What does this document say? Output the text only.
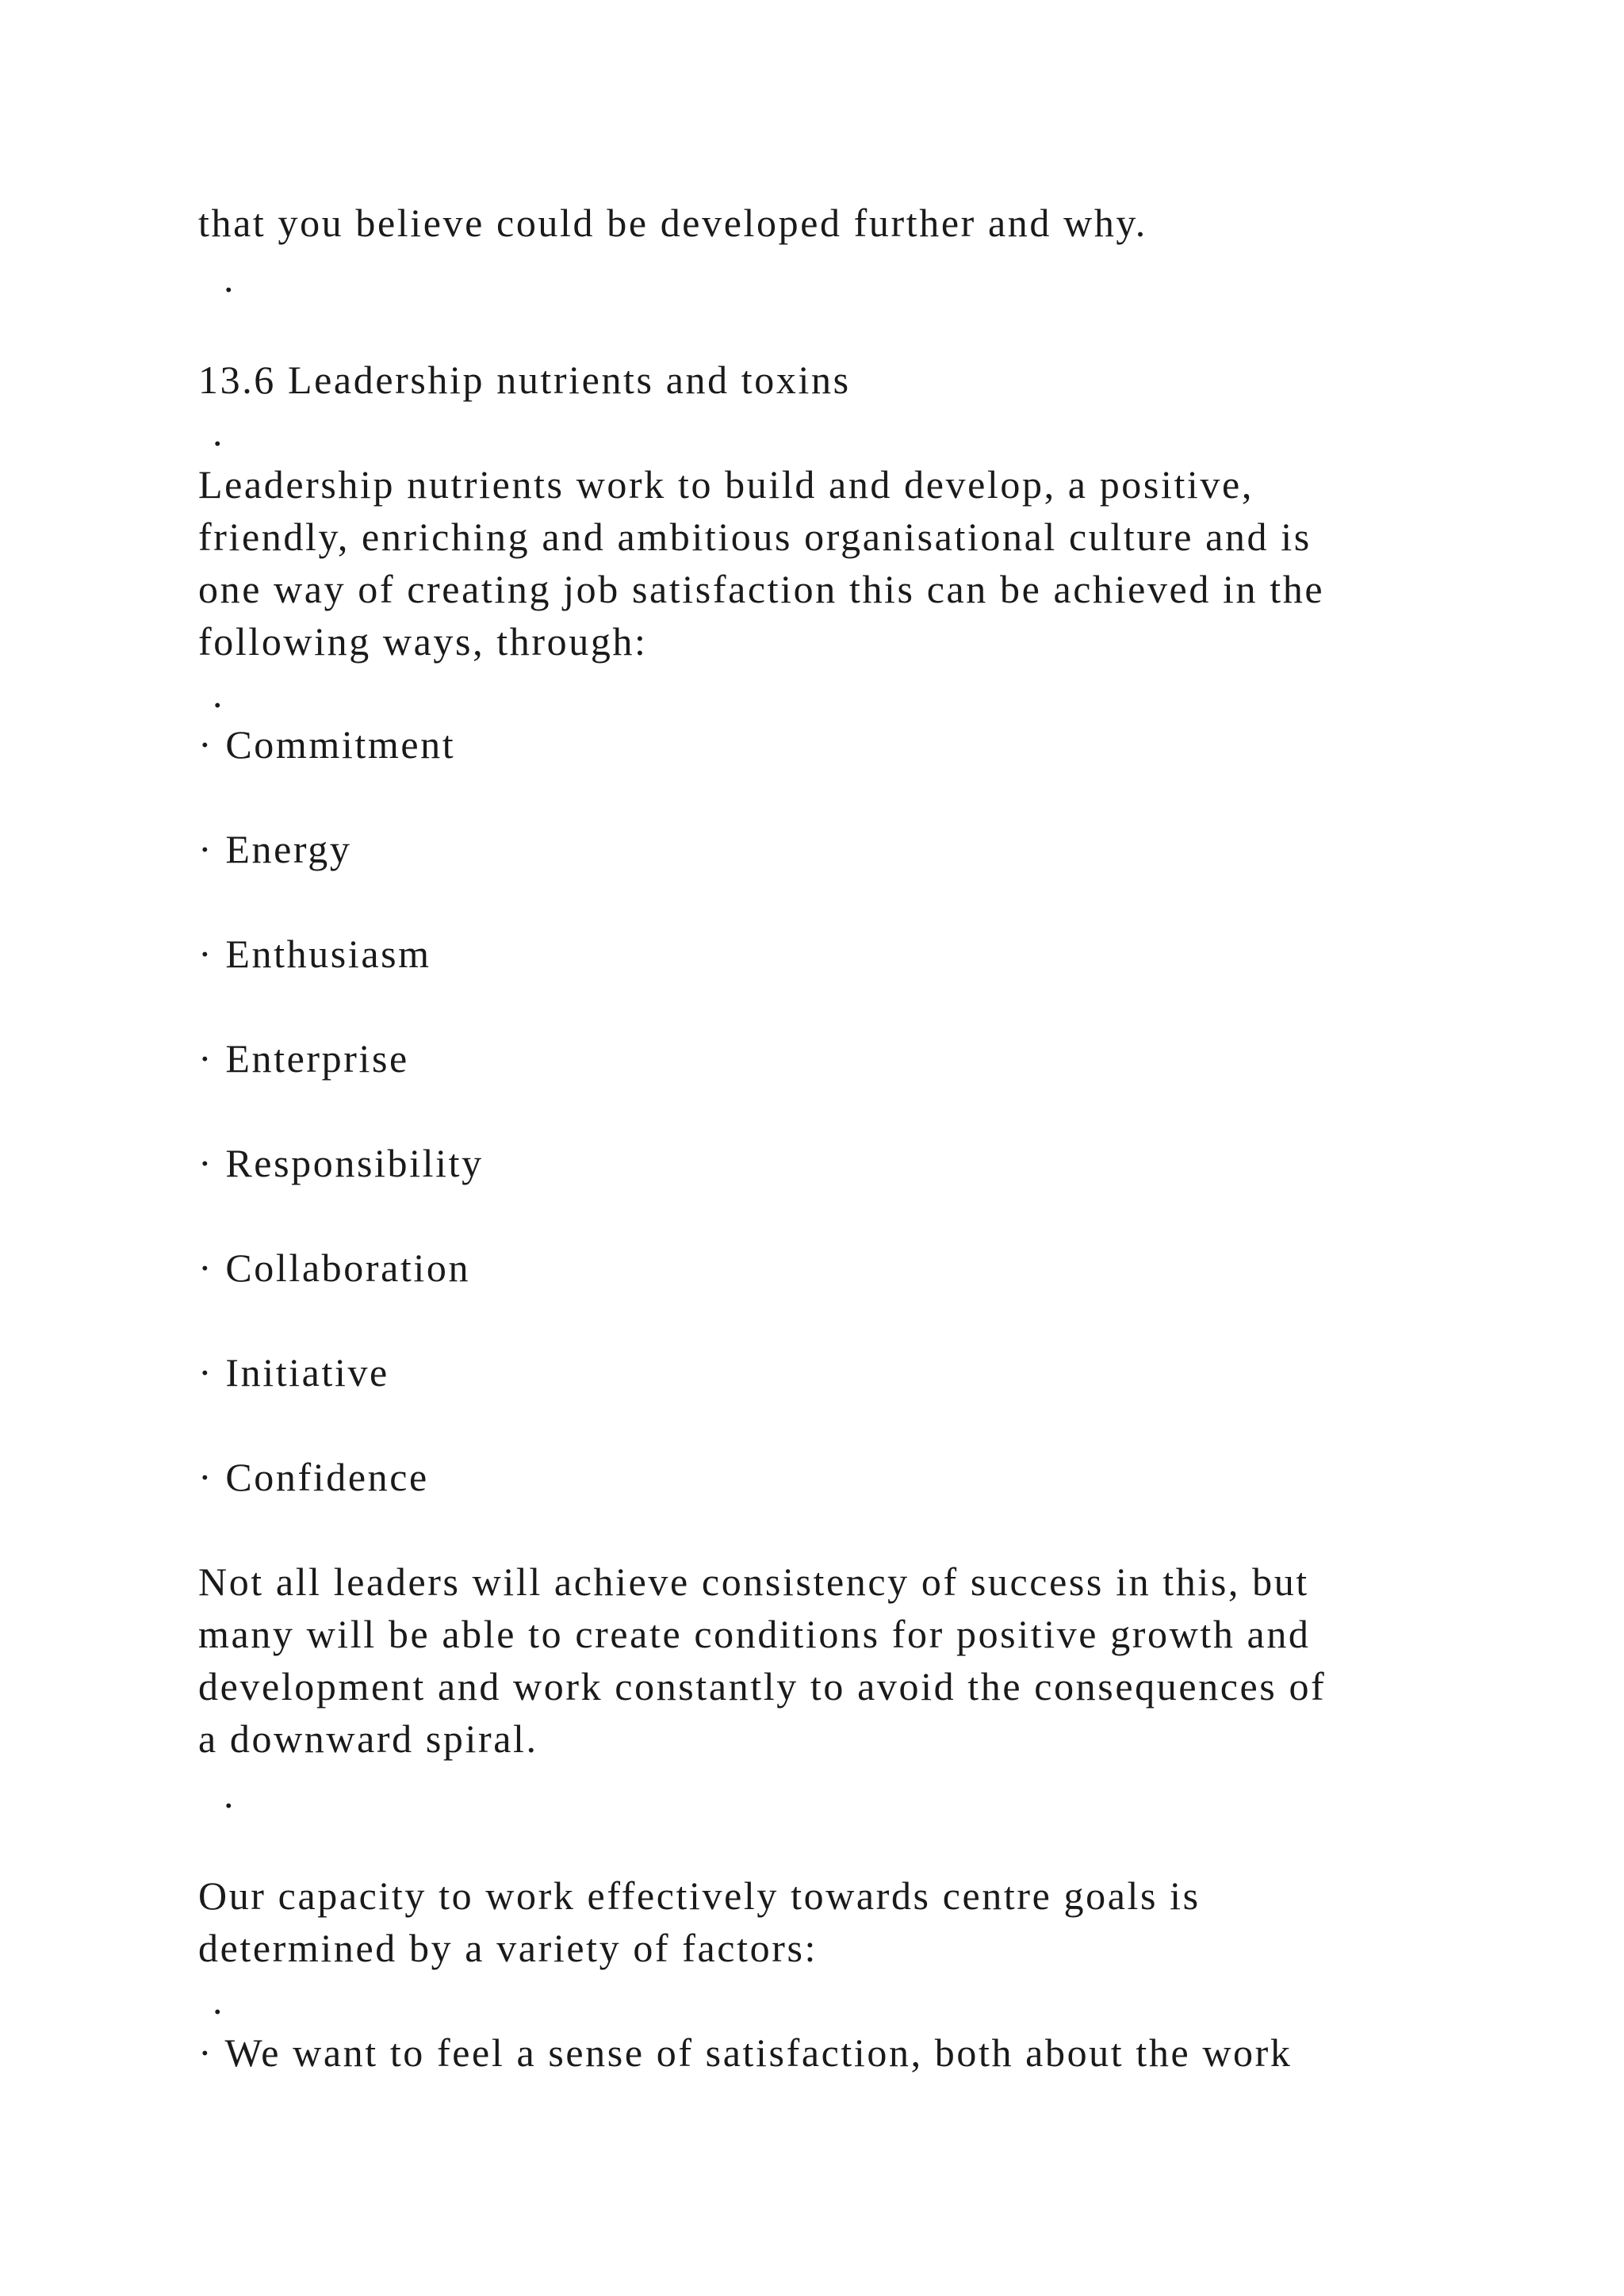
that you believe could be developed further and why.

.
13.6 Leadership nutrients and toxins
.

Leadership nutrients work to build and develop, a positive,

friendly, enriching and ambitious organisational culture and is

one way of creating job satisfaction this can be achieved in the

following ways, through:

.

· Commitment

· Energy

· Enthusiasm

· Enterprise

· Responsibility

· Collaboration

· Initiative

· Confidence

Not all leaders will achieve consistency of success in this, but

many will be able to create conditions for positive growth and

development and work constantly to avoid the consequences of

a downward spiral.

.

Our capacity to work effectively towards centre goals is

determined by a variety of factors:

.

· We want to feel a sense of satisfaction, both about the work
